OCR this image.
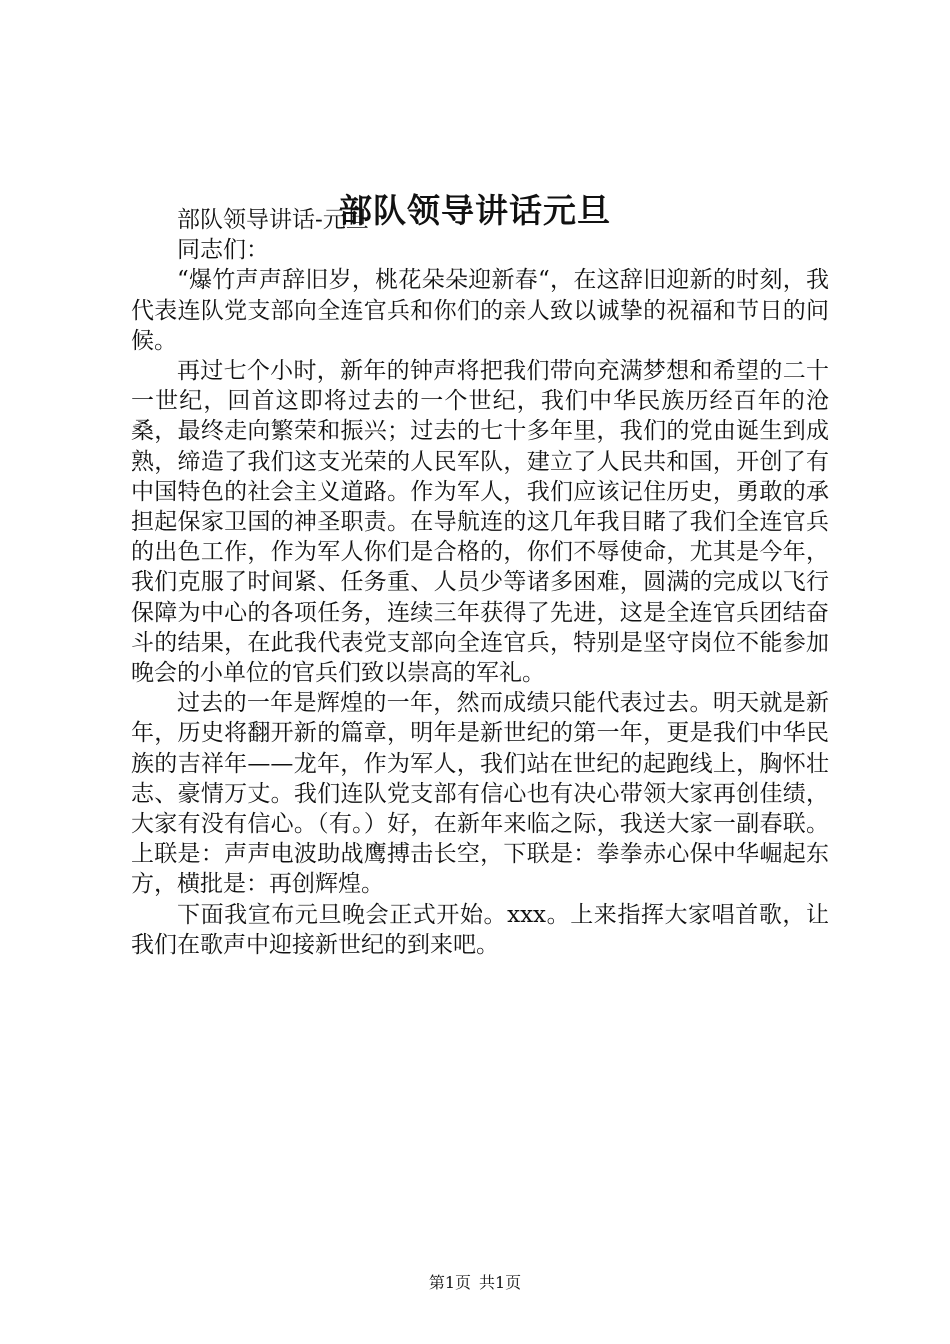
部队领导讲话元旦

部队领导讲话-元旦

同志们：

“爆竹声声辞旧岁，桃花朵朵迎新春“，在这辞旧迎新的时刻，我代表连队党支部向全连官兵和你们的亲人致以诚挚的祝福和节日的问候。

再过七个小时，新年的钟声将把我们带向充满梦想和希望的二十一世纪，回首这即将过去的一个世纪，我们中华民族历经百年的沧桑，最终走向繁荣和振兴；过去的七十多年里，我们的党由诞生到成熟，缔造了我们这支光荣的人民军队，建立了人民共和国，开创了有中国特色的社会主义道路。作为军人，我们应该记住历史，勇敢的承担起保家卫国的神圣职责。在导航连的这几年我目睹了我们全连官兵的出色工作，作为军人你们是合格的，你们不辱使命，尤其是今年，我们克服了时间紧、任务重、人员少等诸多困难，圆满的完成以飞行保障为中心的各项任务，连续三年获得了先进，这是全连官兵团结奋斗的结果，在此我代表党支部向全连官兵，特别是坚守岗位不能参加晚会的小单位的官兵们致以崇高的军礼。

过去的一年是辉煌的一年，然而成绩只能代表过去。明天就是新年，历史将翻开新的篇章，明年是新世纪的第一年，更是我们中华民族的吉祥年——龙年，作为军人，我们站在世纪的起跑线上，胸怀壮志、豪情万丈。我们连队党支部有信心也有决心带领大家再创佳绩，大家有没有信心。（有。）好，在新年来临之际，我送大家一副春联。上联是：声声电波助战鹰搏击长空，下联是：拳拳赤心保中华崛起东方，横批是：再创辉煌。

下面我宣布元旦晚会正式开始。xxx。上来指挥大家唱首歌，让我们在歌声中迎接新世纪的到来吧。

第1页 共1页
